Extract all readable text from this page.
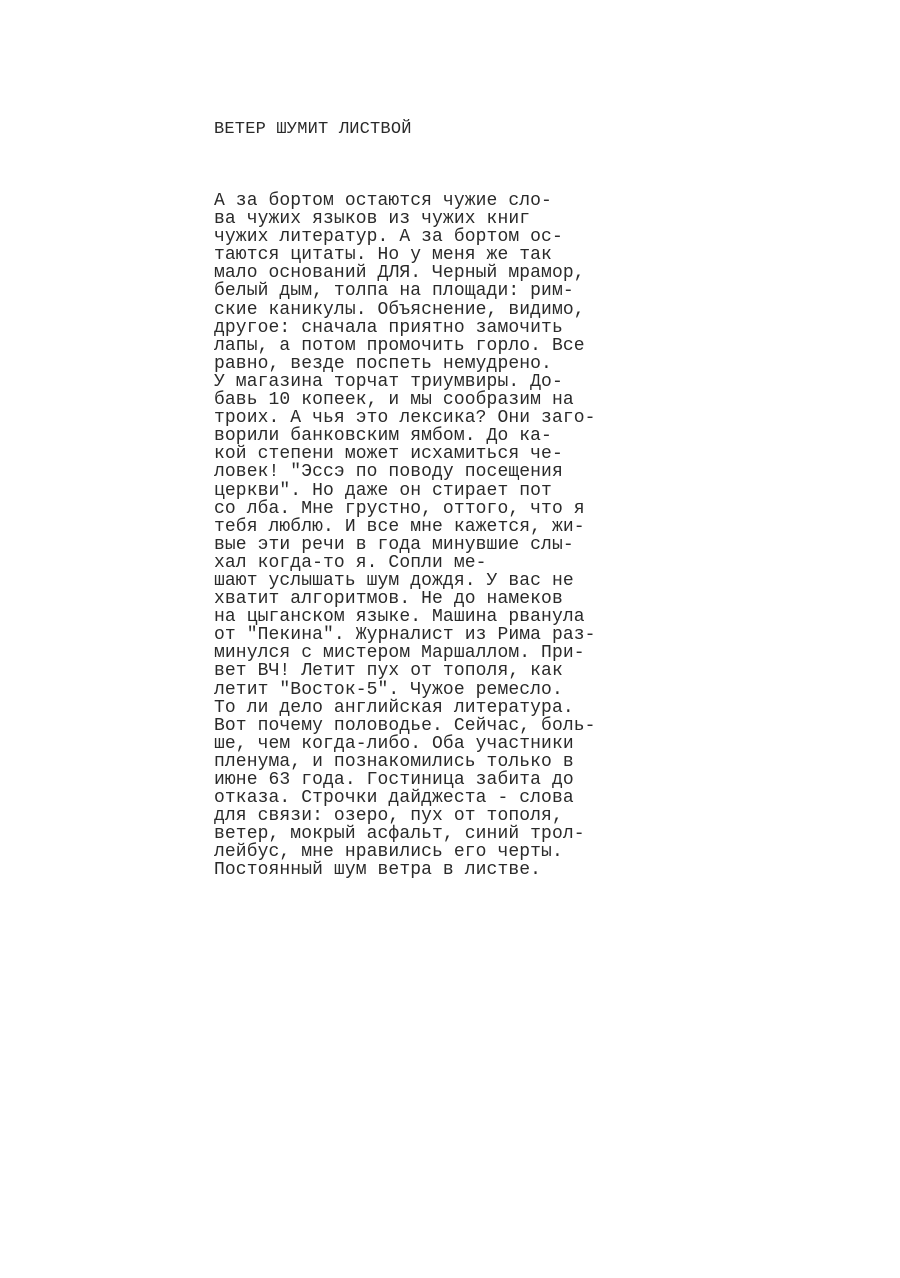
ВЕТЕР ШУМИТ ЛИСТВОЙ
А за бортом остаются чужие сло-
ва чужих языков из чужих книг
чужих литератур. А за бортом ос-
таются цитаты. Но у меня же так
мало оснований ДЛЯ. Черный мрамор,
белый дым, толпа на площади: рим-
ские каникулы. Объяснение, видимо,
другое: сначала приятно замочить
лапы, а потом промочить горло. Все
равно, везде поспеть немудрено.
У магазина торчат триумвиры. До-
бавь 10 копеек, и мы сообразим на
троих. А чья это лексика? Они заго-
ворили банковским ямбом. До ка-
кой степени может исхамиться че-
ловек! "Эссэ по поводу посещения
церкви". Но даже он стирает пот
со лба. Мне грустно, оттого, что я
тебя люблю. И все мне кажется, жи-
вые эти речи в года минувшие слы-
хал когда-то я. Сопли ме-
шают услышать шум дождя. У вас не
хватит алгоритмов. Не до намеков
на цыганском языке. Машина рванула
от "Пекина". Журналист из Рима раз-
минулся с мистером Маршаллом. При-
вет ВЧ! Летит пух от тополя, как
летит "Восток-5". Чужое ремесло.
То ли дело английская литература.
Вот почему половодье. Сейчас, боль-
ше, чем когда-либо. Оба участники
пленума, и познакомились только в
июне 63 года. Гостиница забита до
отказа. Строчки дайджеста - слова
для связи: озеро, пух от тополя,
ветер, мокрый асфальт, синий трол-
лейбус, мне нравились его черты.
Постоянный шум ветра в листве.
